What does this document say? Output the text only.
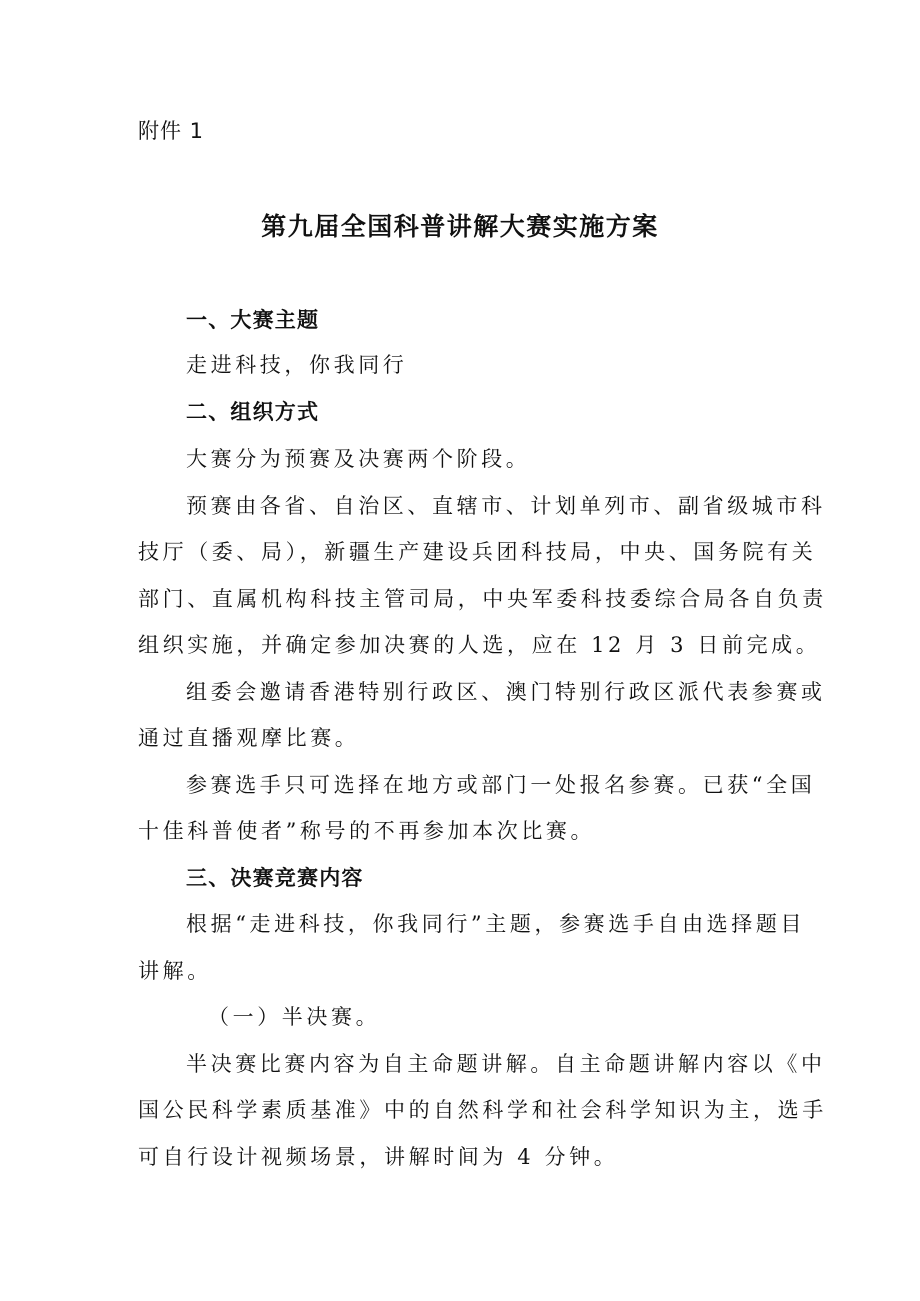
附件 1
第九届全国科普讲解大赛实施方案
一、大赛主题
走进科技，你我同行
二、组织方式
大赛分为预赛及决赛两个阶段。
预赛由各省、自治区、直辖市、计划单列市、副省级城市科
技厅（委、局），新疆生产建设兵团科技局，中央、国务院有关
部门、直属机构科技主管司局，中央军委科技委综合局各自负责
组织实施，并确定参加决赛的人选，应在 12 月 3 日前完成。
组委会邀请香港特别行政区、澳门特别行政区派代表参赛或
通过直播观摩比赛。
参赛选手只可选择在地方或部门一处报名参赛。已获“全国
十佳科普使者”称号的不再参加本次比赛。
三、决赛竞赛内容
根据“走进科技，你我同行”主题，参赛选手自由选择题目
讲解。
（一）半决赛。
半决赛比赛内容为自主命题讲解。自主命题讲解内容以《中
国公民科学素质基准》中的自然科学和社会科学知识为主，选手
可自行设计视频场景，讲解时间为 4 分钟。
